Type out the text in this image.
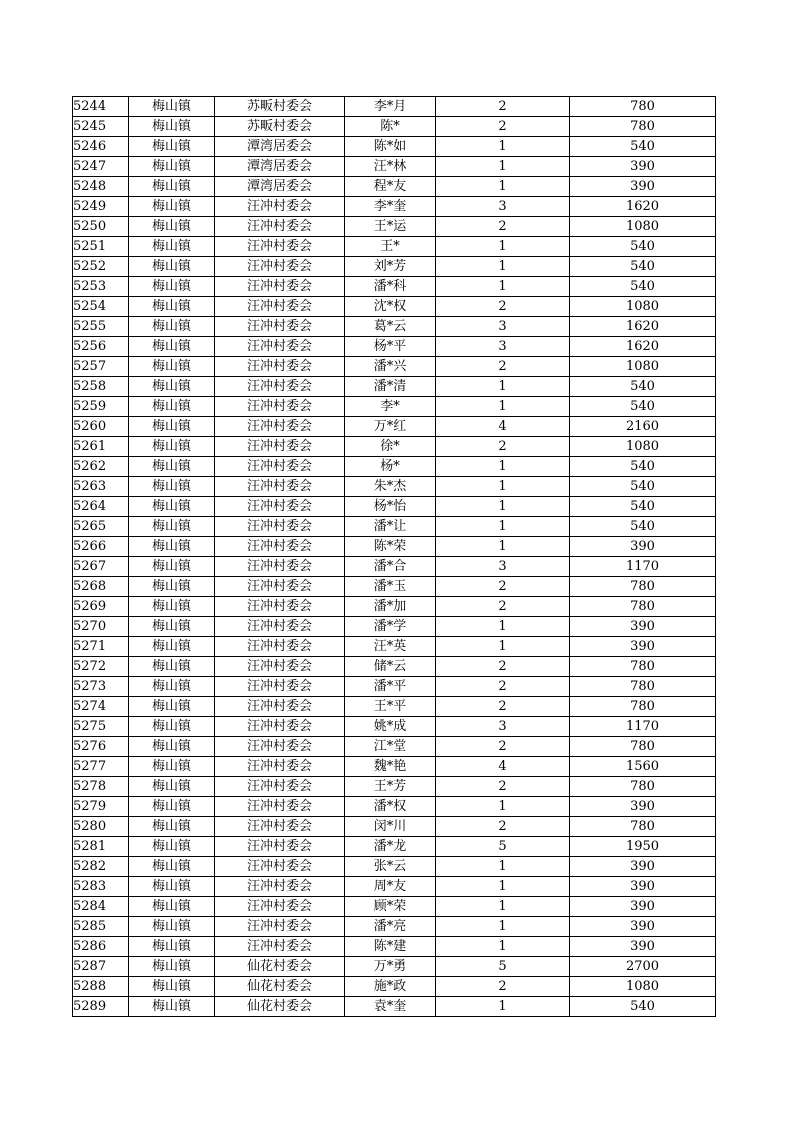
5244	梅山镇	苏畈村委会	李*月	2	780
5245	梅山镇	苏畈村委会	陈*	2	780
5246	梅山镇	潭湾居委会	陈*如	1	540
5247	梅山镇	潭湾居委会	汪*林	1	390
5248	梅山镇	潭湾居委会	程*友	1	390
5249	梅山镇	汪冲村委会	李*奎	3	1620
5250	梅山镇	汪冲村委会	王*运	2	1080
5251	梅山镇	汪冲村委会	王*	1	540
5252	梅山镇	汪冲村委会	刘*芳	1	540
5253	梅山镇	汪冲村委会	潘*科	1	540
5254	梅山镇	汪冲村委会	沈*权	2	1080
5255	梅山镇	汪冲村委会	葛*云	3	1620
5256	梅山镇	汪冲村委会	杨*平	3	1620
5257	梅山镇	汪冲村委会	潘*兴	2	1080
5258	梅山镇	汪冲村委会	潘*清	1	540
5259	梅山镇	汪冲村委会	李*	1	540
5260	梅山镇	汪冲村委会	万*红	4	2160
5261	梅山镇	汪冲村委会	徐*	2	1080
5262	梅山镇	汪冲村委会	杨*	1	540
5263	梅山镇	汪冲村委会	朱*杰	1	540
5264	梅山镇	汪冲村委会	杨*怡	1	540
5265	梅山镇	汪冲村委会	潘*让	1	540
5266	梅山镇	汪冲村委会	陈*荣	1	390
5267	梅山镇	汪冲村委会	潘*合	3	1170
5268	梅山镇	汪冲村委会	潘*玉	2	780
5269	梅山镇	汪冲村委会	潘*加	2	780
5270	梅山镇	汪冲村委会	潘*学	1	390
5271	梅山镇	汪冲村委会	汪*英	1	390
5272	梅山镇	汪冲村委会	储*云	2	780
5273	梅山镇	汪冲村委会	潘*平	2	780
5274	梅山镇	汪冲村委会	王*平	2	780
5275	梅山镇	汪冲村委会	姚*成	3	1170
5276	梅山镇	汪冲村委会	江*堂	2	780
5277	梅山镇	汪冲村委会	魏*艳	4	1560
5278	梅山镇	汪冲村委会	王*芳	2	780
5279	梅山镇	汪冲村委会	潘*权	1	390
5280	梅山镇	汪冲村委会	闵*川	2	780
5281	梅山镇	汪冲村委会	潘*龙	5	1950
5282	梅山镇	汪冲村委会	张*云	1	390
5283	梅山镇	汪冲村委会	周*友	1	390
5284	梅山镇	汪冲村委会	顾*荣	1	390
5285	梅山镇	汪冲村委会	潘*亮	1	390
5286	梅山镇	汪冲村委会	陈*建	1	390
5287	梅山镇	仙花村委会	万*勇	5	2700
5288	梅山镇	仙花村委会	施*政	2	1080
5289	梅山镇	仙花村委会	袁*奎	1	540
